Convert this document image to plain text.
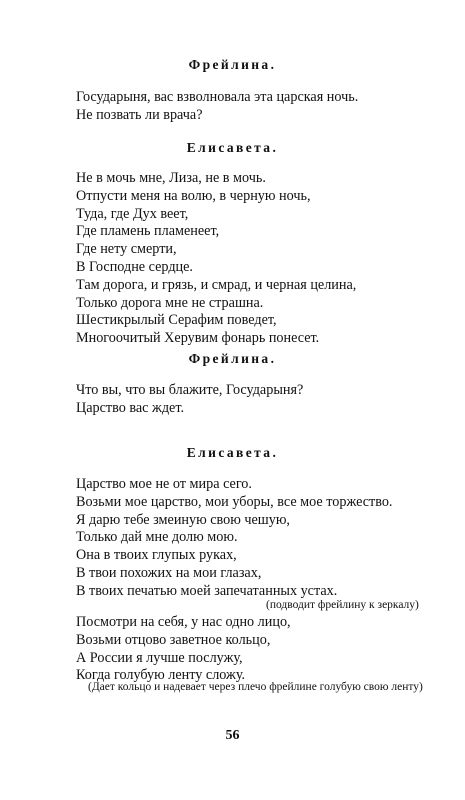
Фрейлина.
Государыня, вас взволновала эта царская ночь.
Не позвать ли врача?
Елисавета.
Не в мочь мне, Лиза, не в мочь.
Отпусти меня на волю, в черную ночь,
Туда, где Дух веет,
Где пламень пламенеет,
Где нету смерти,
В Господне сердце.
Там дорога, и грязь, и смрад, и черная целина,
Только дорога мне не страшна.
Шестикрылый Серафим поведет,
Многоочитый Херувим фонарь понесет.
Фрейлина.
Что вы, что вы блажите, Государыня?
Царство вас ждет.
Елисавета.
Царство мое не от мира сего.
Возьми мое царство, мои уборы, все мое торжество.
Я дарю тебе змеиную свою чешую,
Только дай мне долю мою.
Она в твоих глупых руках,
В твои похожих на мои глазах,
В твоих печатью моей запечатанных устах.
(подводит фрейлину к зеркалу)
Посмотри на себя, у нас одно лицо,
Возьми отцово заветное кольцо,
А России я лучше послужу,
Когда голубую ленту сложу.
(Дает кольцо и надевает через плечо фрейлине голубую свою ленту)
56
